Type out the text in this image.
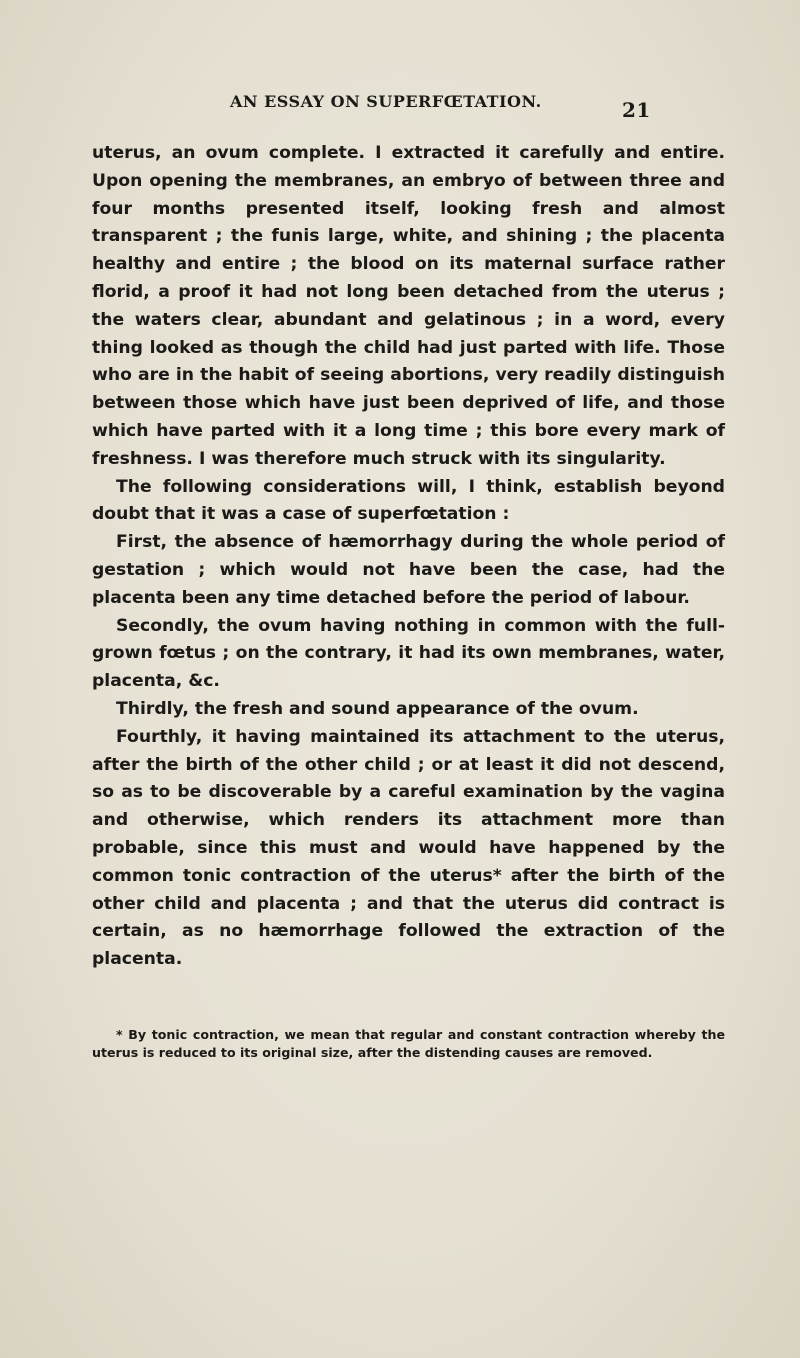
AN ESSAY ON SUPERFŒTATION.	21

uterus, an ovum complete. I extracted it carefully and entire. Upon opening the membranes, an embryo of between three and four months presented itself, looking fresh and almost transparent ; the funis large, white, and shining ; the placenta healthy and entire ; the blood on its maternal surface rather florid, a proof it had not long been detached from the uterus ; the waters clear, abundant and gelatinous ; in a word, every thing looked as though the child had just parted with life. Those who are in the habit of seeing abortions, very readily distinguish between those which have just been deprived of life, and those which have parted with it a long time ; this bore every mark of freshness. I was therefore much struck with its singularity.

The following considerations will, I think, establish beyond doubt that it was a case of superfœtation :

First, the absence of hæmorrhagy during the whole period of gestation ; which would not have been the case, had the placenta been any time detached before the period of labour.

Secondly, the ovum having nothing in common with the full-grown fœtus ; on the contrary, it had its own membranes, water, placenta, &c.

Thirdly, the fresh and sound appearance of the ovum.

Fourthly, it having maintained its attachment to the uterus, after the birth of the other child ; or at least it did not descend, so as to be discoverable by a careful examination by the vagina and otherwise, which renders its attachment more than probable, since this must and would have happened by the common tonic contraction of the uterus* after the birth of the other child and placenta ; and that the uterus did contract is certain, as no hæmorrhage followed the extraction of the placenta.

* By tonic contraction, we mean that regular and constant contraction whereby the uterus is reduced to its original size, after the distending causes are removed.
